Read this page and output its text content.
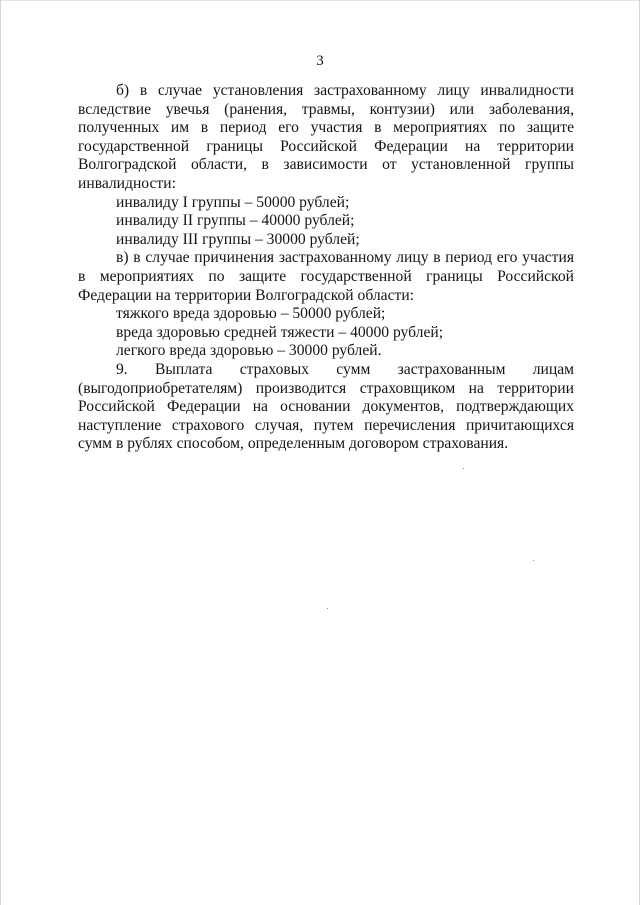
3

б) в случае установления застрахованному лицу инвалидности вследствие увечья (ранения, травмы, контузии) или заболевания, полученных им в период его участия в мероприятиях по защите государственной границы Российской Федерации на территории Волгоградской области, в зависимости от установленной группы инвалидности:

инвалиду I группы – 50000 рублей;

инвалиду II группы – 40000 рублей;

инвалиду III группы – 30000 рублей;

в) в случае причинения застрахованному лицу в период его участия в мероприятиях по защите государственной границы Российской Федерации на территории Волгоградской области:

тяжкого вреда здоровью – 50000 рублей;

вреда здоровью средней тяжести – 40000 рублей;

легкого вреда здоровью – 30000 рублей.

9. Выплата страховых сумм застрахованным лицам (выгодоприобретателям) производится страховщиком на территории Российской Федерации на основании документов, подтверждающих наступление страхового случая, путем перечисления причитающихся сумм в рублях способом, определенным договором страхования.
